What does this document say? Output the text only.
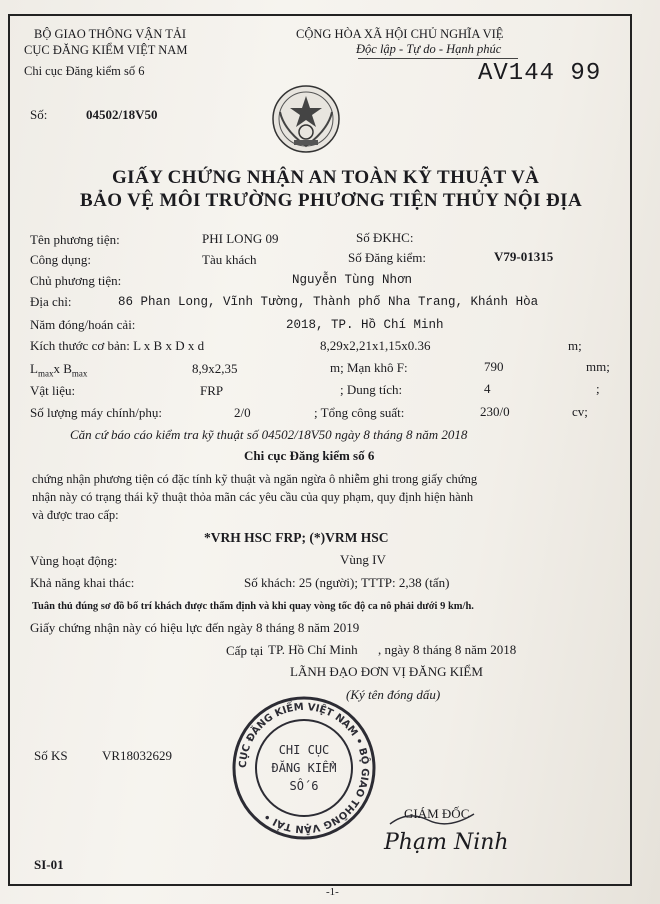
BỘ GIAO THÔNG VẬN TẢI
CỤC ĐĂNG KIỂM VIỆT NAM
Chi cục Đăng kiểm số 6
CỘNG HÒA XÃ HỘI CHỦ NGHĨA VIỆ
Độc lập - Tự do - Hạnh phúc
AV144 99
Số:	04502/18V50
GIẤY CHỨNG NHẬN AN TOÀN KỸ THUẬT VÀ
BẢO VỆ MÔI TRƯỜNG PHƯƠNG TIỆN THỦY NỘI ĐỊA
Tên phương tiện:	PHI LONG 09	Số ĐKHC:
Công dụng:	Tàu khách	Số Đăng kiểm:	V79-01315
Chủ phương tiện:	Nguyễn Tùng Nhơn
Địa chỉ:	86 Phan Long, Vĩnh Tường, Thành phố Nha Trang, Khánh Hòa
Năm đóng/hoán cải:	2018, TP. Hồ Chí Minh
Kích thước cơ bản: L x B x D x d	8,29x2,21x1,15x0.36	m;
$L_{max}x$ $B_{max}$	8,9x2,35	m; Mạn khô F:	790	mm;
Vật liệu:	FRP	; Dung tích:	4	;
Số lượng máy chính/phụ:	2/0	; Tổng công suất:	230/0	cv;
Căn cứ báo cáo kiểm tra kỹ thuật số 04502/18V50 ngày 8 tháng 8 năm 2018
Chi cục Đăng kiểm số 6
chứng nhận phương tiện có đặc tính kỹ thuật và ngăn ngừa ô nhiễm ghi trong giấy chứng
nhận này có trạng thái kỹ thuật thỏa mãn các yêu cầu của quy phạm, quy định hiện hành
và được trao cấp:
*VRH HSC FRP; (*)VRM HSC
Vùng hoạt động:	Vùng IV
Khả năng khai thác:	Số khách: 25 (người); TTTP: 2,38 (tấn)
Tuân thủ đúng sơ đồ bố trí khách được thẩm định và khi quay vòng tốc độ ca nô phải dưới 9 km/h.
Giấy chứng nhận này có hiệu lực đến ngày 8 tháng 8 năm 2019
Cấp tại TP. Hồ Chí Minh , ngày 8 tháng 8 năm 2018
LÃNH ĐẠO ĐƠN VỊ ĐĂNG KIỂM
(Ký tên đóng dấu)
Số KS	VR18032629
CỤC ĐĂNG KIỂM VIỆT NAM • BỘ GIAO THÔNG VẬN TẢI •
CHI CỤC
ĐĂNG KIỂM
SỐ 6
GIÁM ĐỐC
Phạm Ninh
SI-01
-1-
